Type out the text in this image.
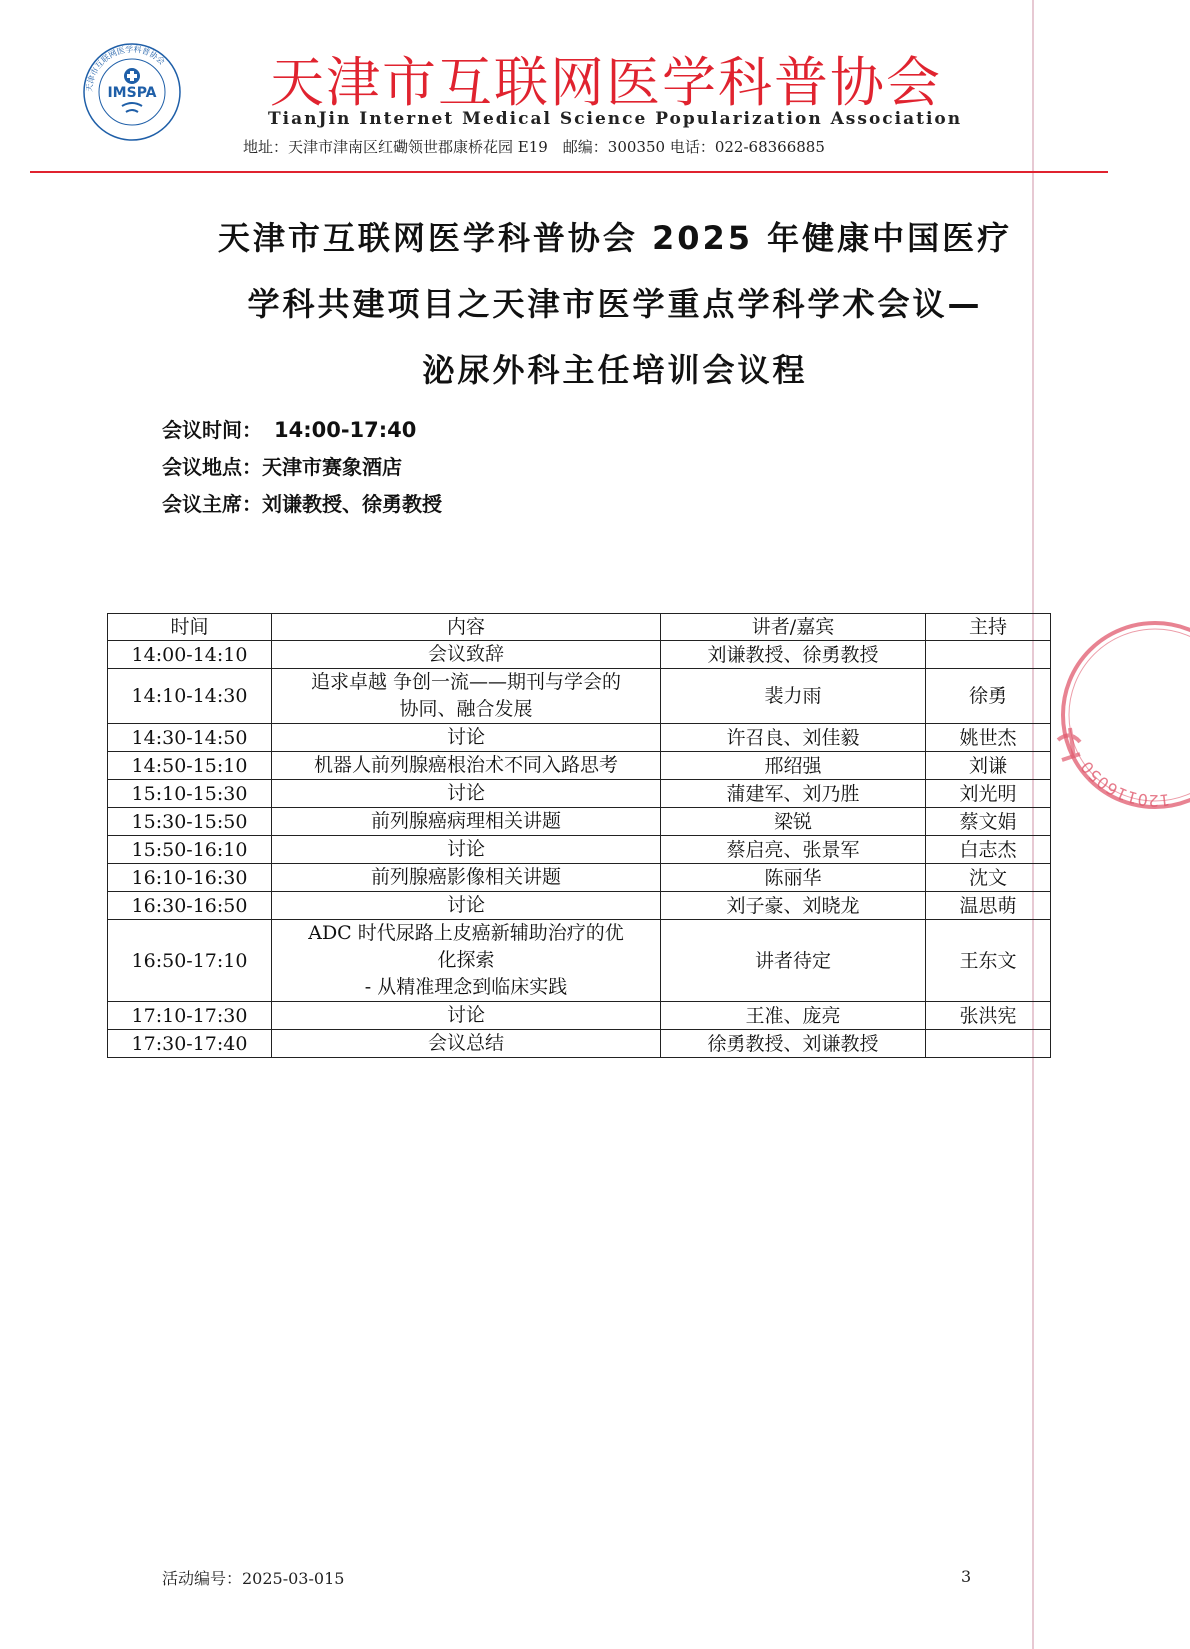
天津市互联网医学科普协会
IMSPA 天津市互联网医学科普协会
TianJin Internet Medical Science Popularization Association
地址：天津市津南区红磡领世郡康桥花园 E19　邮编：300350 电话：022-68366885
天津市互联网医学科普协会 2025 年健康中国医疗
学科共建项目之天津市医学重点学科学术会议—
泌尿外科主任培训会议程
会议时间： 14:00-17:40
会议地点：天津市赛象酒店
会议主席：刘谦教授、徐勇教授
时间	内容	讲者/嘉宾	主持
14:00-14:10	会议致辞	刘谦教授、徐勇教授	
14:10-14:30	追求卓越 争创一流——期刊与学会的
协同、融合发展	裴力雨	徐勇
14:30-14:50	讨论	许召良、刘佳毅	姚世杰
14:50-15:10	机器人前列腺癌根治术不同入路思考	邢绍强	刘谦
15:10-15:30	讨论	蒲建军、刘乃胜	刘光明
15:30-15:50	前列腺癌病理相关讲题	梁锐	蔡文娟
15:50-16:10	讨论	蔡启亮、张景军	白志杰
16:10-16:30	前列腺癌影像相关讲题	陈丽华	沈文
16:30-16:50	讨论	刘子豪、刘晓龙	温思萌
16:50-17:10	ADC 时代尿路上皮癌新辅助治疗的优
化探索
- 从精准理念到临床实践	讲者待定	王东文
17:10-17:30	讨论	王准、庞亮	张洪宪
17:30-17:40	会议总结	徐勇教授、刘谦教授	
120116050
活动编号：2025-03-015	3
